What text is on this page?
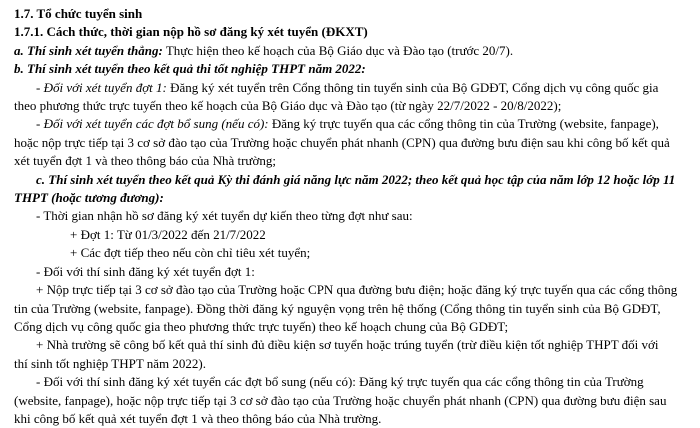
1.7. Tổ chức tuyển sinh
1.7.1. Cách thức, thời gian nộp hồ sơ đăng ký xét tuyển (ĐKXT)
a. Thí sinh xét tuyển thẳng: Thực hiện theo kế hoạch của Bộ Giáo dục và Đào tạo (trước 20/7).
b. Thí sinh xét tuyển theo kết quả thi tốt nghiệp THPT năm 2022:
- Đối với xét tuyển đợt 1: Đăng ký xét tuyển trên Cổng thông tin tuyển sinh của Bộ GDĐT, Cổng dịch vụ công quốc gia
theo phương thức trực tuyến theo kế hoạch của Bộ Giáo dục và Đào tạo (từ ngày 22/7/2022 - 20/8/2022);
- Đối với xét tuyển các đợt bổ sung (nếu có): Đăng ký trực tuyến qua các cổng thông tin của Trường (website, fanpage),
hoặc nộp trực tiếp tại 3 cơ sở đào tạo của Trường hoặc chuyển phát nhanh (CPN) qua đường bưu điện sau khi công bố kết quả
xét tuyển đợt 1 và theo thông báo của Nhà trường;
c. Thí sinh xét tuyển theo kết quả Kỳ thi đánh giá năng lực năm 2022; theo kết quả học tập của năm lớp 12 hoặc lớp 11
THPT (hoặc tương đương):
- Thời gian nhận hồ sơ đăng ký xét tuyển dự kiến theo từng đợt như sau:
+ Đợt 1: Từ 01/3/2022 đến 21/7/2022
+ Các đợt tiếp theo nếu còn chỉ tiêu xét tuyển;
- Đối với thí sinh đăng ký xét tuyển đợt 1:
+ Nộp trực tiếp tại 3 cơ sở đào tạo của Trường hoặc CPN qua đường bưu điện; hoặc đăng ký trực tuyến qua các cổng thông
tin của Trường (website, fanpage). Đồng thời đăng ký nguyện vọng trên hệ thống (Cổng thông tin tuyển sinh của Bộ GDĐT,
Cổng dịch vụ công quốc gia theo phương thức trực tuyến) theo kế hoạch chung của Bộ GDĐT;
+ Nhà trường sẽ công bố kết quả thí sinh đủ điều kiện sơ tuyển hoặc trúng tuyển (trừ điều kiện tốt nghiệp THPT đối với
thí sinh tốt nghiệp THPT năm 2022).
- Đối với thí sinh đăng ký xét tuyển các đợt bổ sung (nếu có): Đăng ký trực tuyến qua các cổng thông tin của Trường
(website, fanpage), hoặc nộp trực tiếp tại 3 cơ sở đào tạo của Trường hoặc chuyển phát nhanh (CPN) qua đường bưu điện sau
khi công bố kết quả xét tuyển đợt 1 và theo thông báo của Nhà trường.
